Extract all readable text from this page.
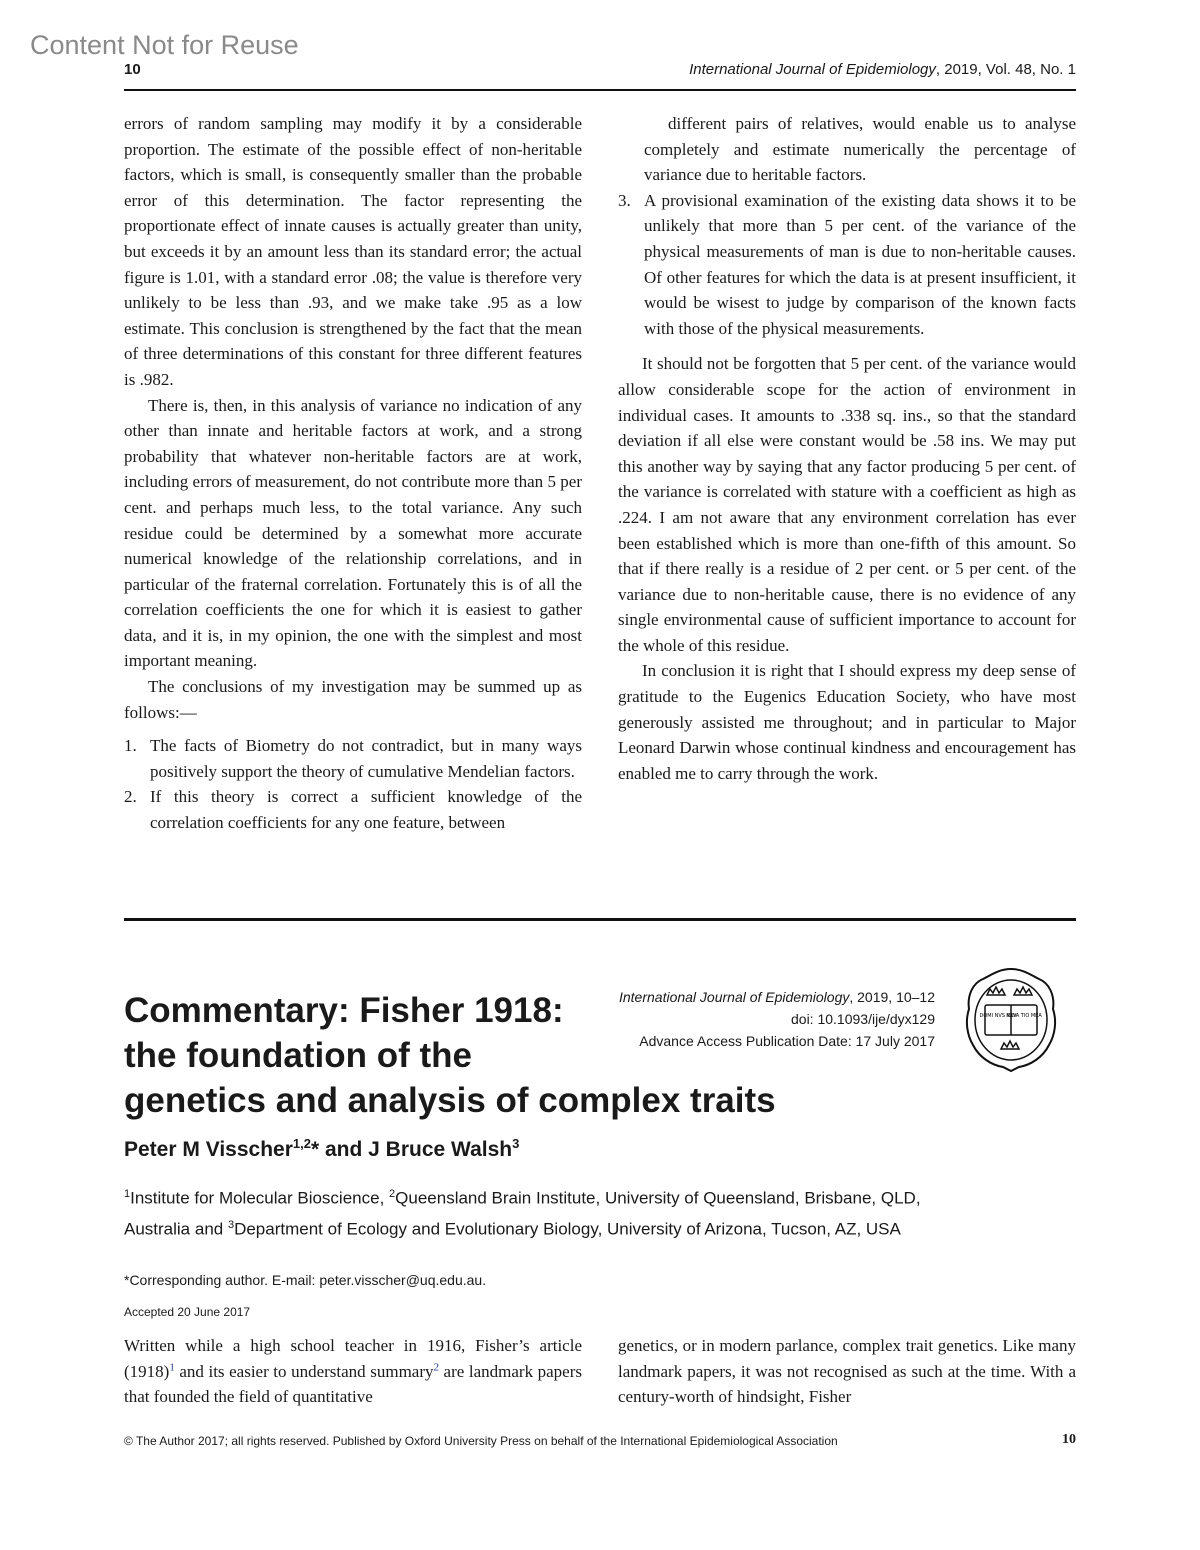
Content Not for Reuse
10	International Journal of Epidemiology, 2019, Vol. 48, No. 1

errors of random sampling may modify it by a considerable proportion. The estimate of the possible effect of non-heritable factors, which is small, is consequently smaller than the probable error of this determination. The factor representing the proportionate effect of innate causes is actually greater than unity, but exceeds it by an amount less than its standard error; the actual figure is 1.01, with a standard error .08; the value is therefore very unlikely to be less than .93, and we make take .95 as a low estimate. This conclusion is strengthened by the fact that the mean of three determinations of this constant for three different features is .982.

There is, then, in this analysis of variance no indication of any other than innate and heritable factors at work, and a strong probability that whatever non-heritable factors are at work, including errors of measurement, do not contribute more than 5 per cent. and perhaps much less, to the total variance. Any such residue could be determined by a somewhat more accurate numerical knowledge of the relationship correlations, and in particular of the fraternal correlation. Fortunately this is of all the correlation coefficients the one for which it is easiest to gather data, and it is, in my opinion, the one with the simplest and most important meaning.

The conclusions of my investigation may be summed up as follows:—

1. The facts of Biometry do not contradict, but in many ways positively support the theory of cumulative Mendelian factors.
2. If this theory is correct a sufficient knowledge of the correlation coefficients for any one feature, between

different pairs of relatives, would enable us to analyse completely and estimate numerically the percentage of variance due to heritable factors.

3. A provisional examination of the existing data shows it to be unlikely that more than 5 per cent. of the variance of the physical measurements of man is due to non-heritable causes. Of other features for which the data is at present insufficient, it would be wisest to judge by comparison of the known facts with those of the physical measurements.

It should not be forgotten that 5 per cent. of the variance would allow considerable scope for the action of environment in individual cases. It amounts to .338 sq. ins., so that the standard deviation if all else were constant would be .58 ins. We may put this another way by saying that any factor producing 5 per cent. of the variance is correlated with stature with a coefficient as high as .224. I am not aware that any environment correlation has ever been established which is more than one-fifth of this amount. So that if there really is a residue of 2 per cent. or 5 per cent. of the variance due to non-heritable cause, there is no evidence of any single environmental cause of sufficient importance to account for the whole of this residue.

In conclusion it is right that I should express my deep sense of gratitude to the Eugenics Education Society, who have most generously assisted me throughout; and in particular to Major Leonard Darwin whose continual kindness and encouragement has enabled me to carry through the work.

Commentary: Fisher 1918:
the foundation of the
genetics and analysis of complex traits
International Journal of Epidemiology, 2019, 10–12
doi: 10.1093/ije/dyx129
Advance Access Publication Date: 17 July 2017
DOMI NVS ILLV
MINA TIO MEA
Peter M Visscher$^{1,2}$* and J Bruce Walsh$^3$
$^1$Institute for Molecular Bioscience, $^2$Queensland Brain Institute, University of Queensland, Brisbane, QLD, Australia and $^3$Department of Ecology and Evolutionary Biology, University of Arizona, Tucson, AZ, USA
*Corresponding author. E-mail: peter.visscher@uq.edu.au.
Accepted 20 June 2017
Written while a high school teacher in 1916, Fisher’s article $(1918)^1$ and its easier to understand summary$^2$ are landmark papers that founded the field of quantitative
genetics, or in modern parlance, complex trait genetics. Like many landmark papers, it was not recognised as such at the time. With a century-worth of hindsight, Fisher
© The Author 2017; all rights reserved. Published by Oxford University Press on behalf of the International Epidemiological Association	10
